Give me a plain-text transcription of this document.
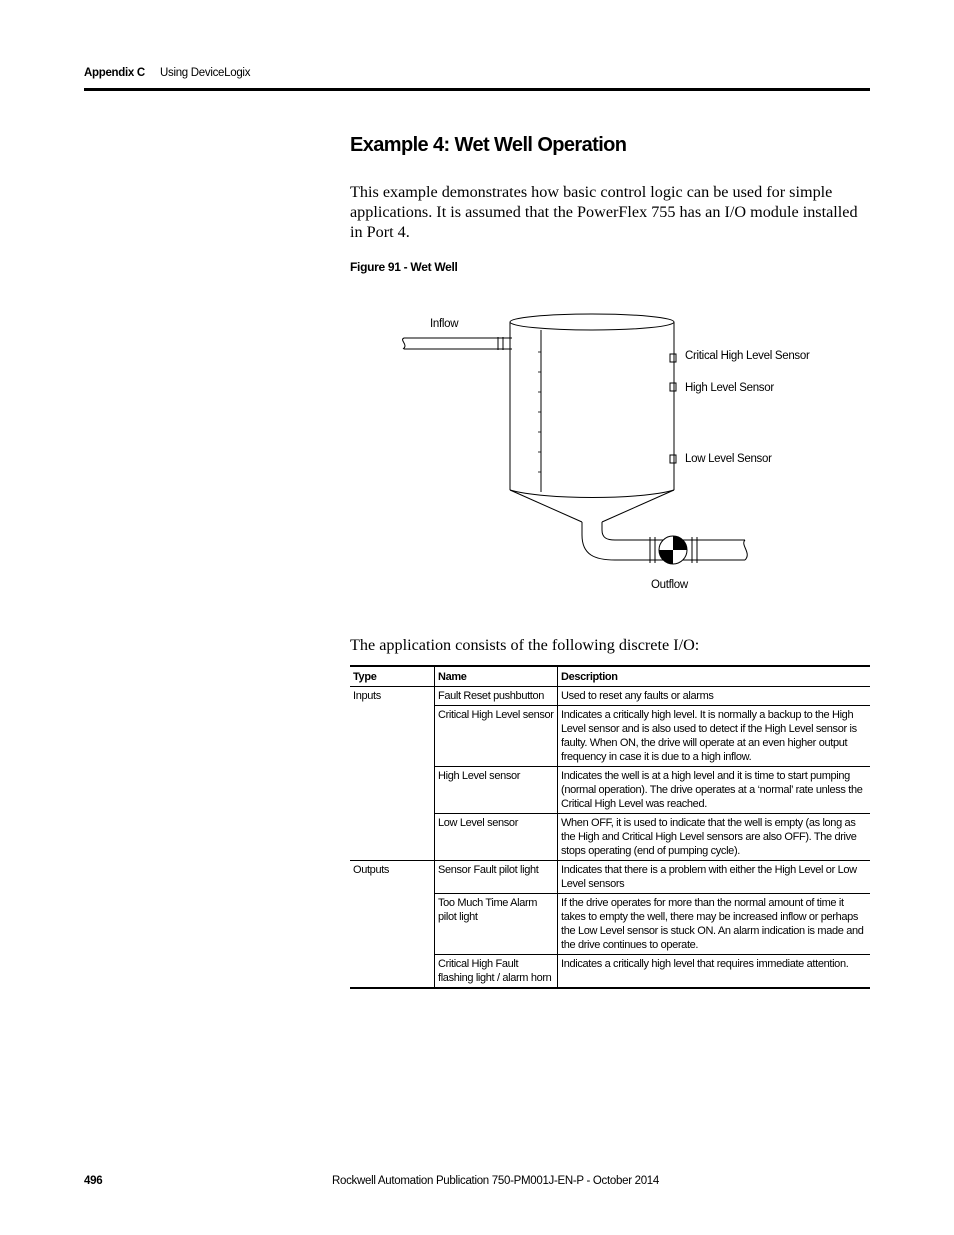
Appendix C Using DeviceLogix
Example 4: Wet Well Operation

This example demonstrates how basic control logic can be used for simple applications. It is assumed that the PowerFlex 755 has an I/O module installed in Port 4.

Figure 91 - Wet Well
Inflow
Critical High Level Sensor
High Level Sensor
Low Level Sensor
Outflow

The application consists of the following discrete I/O:

Type	Name	Description
Inputs	Fault Reset pushbutton	Used to reset any faults or alarms
	Critical High Level sensor	Indicates a critically high level. It is normally a backup to the High Level sensor and is also used to detect if the High Level sensor is faulty. When ON, the drive will operate at an even higher output frequency in case it is due to a high inflow.
	High Level sensor	Indicates the well is at a high level and it is time to start pumping (normal operation). The drive operates at a ‘normal’ rate unless the Critical High Level was reached.
	Low Level sensor	When OFF, it is used to indicate that the well is empty (as long as the High and Critical High Level sensors are also OFF). The drive stops operating (end of pumping cycle).
Outputs	Sensor Fault pilot light	Indicates that there is a problem with either the High Level or Low Level sensors
	Too Much Time Alarm pilot light	If the drive operates for more than the normal amount of time it takes to empty the well, there may be increased inflow or perhaps the Low Level sensor is stuck ON. An alarm indication is made and the drive continues to operate.
	Critical High Fault flashing light / alarm horn	Indicates a critically high level that requires immediate attention.
496	Rockwell Automation Publication 750-PM001J-EN-P - October 2014
